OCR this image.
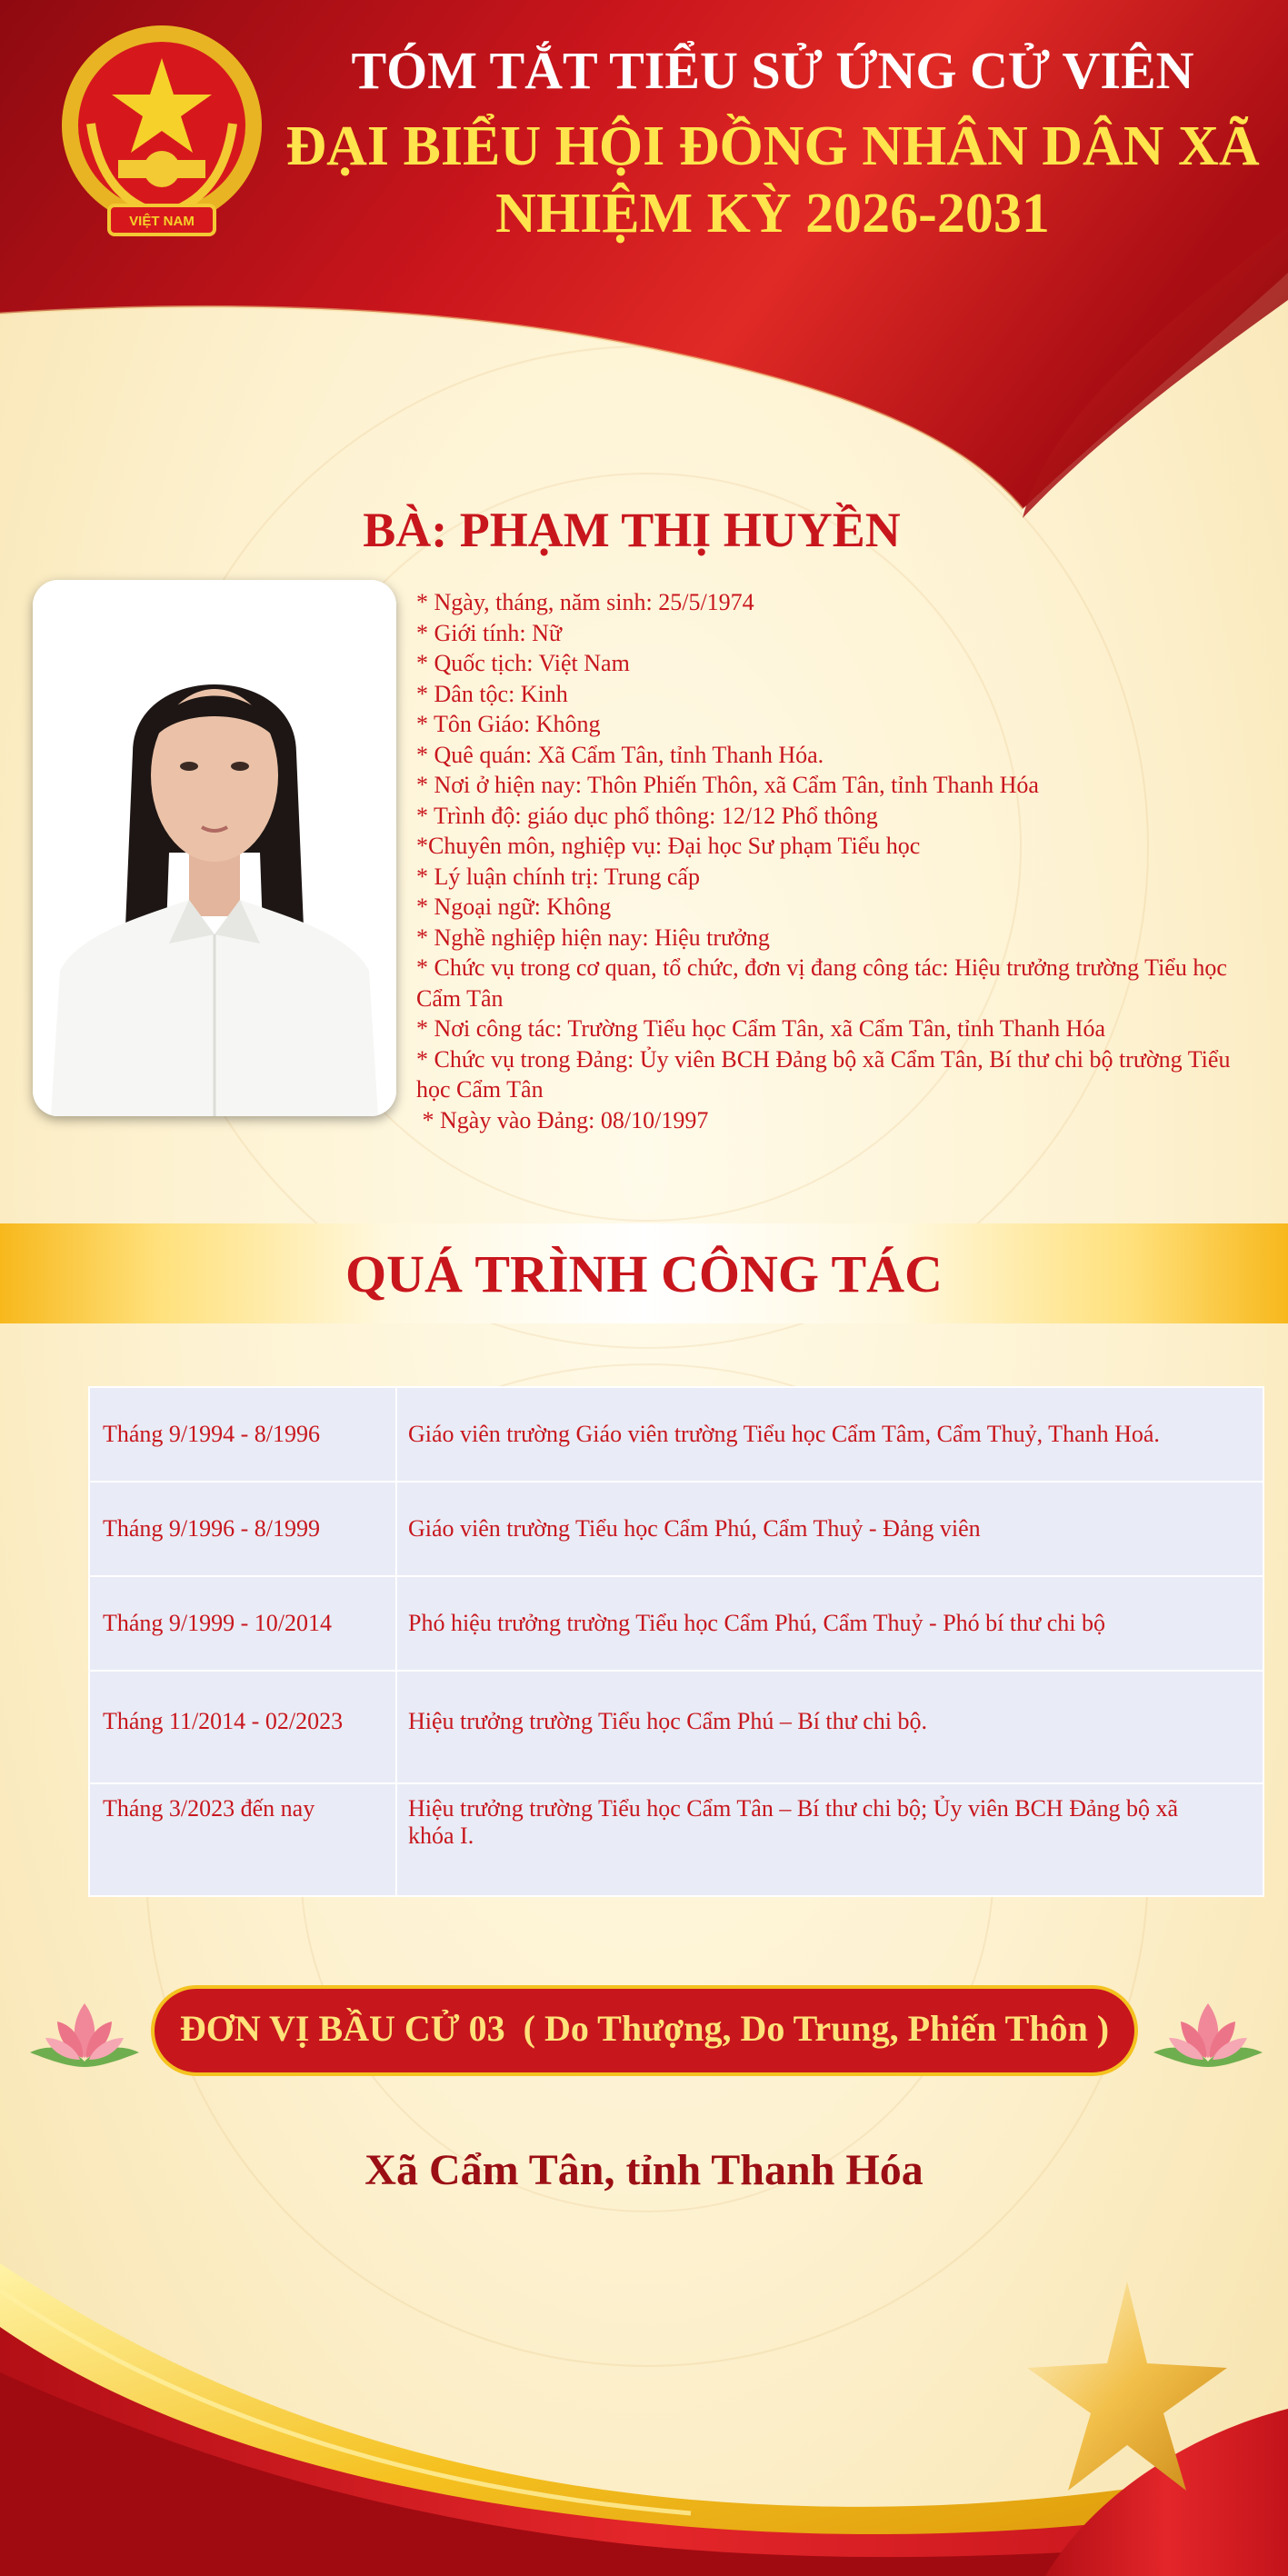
VIỆT NAM
TÓM TẮT TIỂU SỬ ỨNG CỬ VIÊN
ĐẠI BIỂU HỘI ĐỒNG NHÂN DÂN XÃ
NHIỆM KỲ 2026-2031
BÀ: PHẠM THỊ HUYỀN

* Ngày, tháng, năm sinh: 25/5/1974

* Giới tính: Nữ

* Quốc tịch: Việt Nam

* Dân tộc: Kinh

* Tôn Giáo: Không

* Quê quán: Xã Cẩm Tân, tỉnh Thanh Hóa.

* Nơi ở hiện nay: Thôn Phiến Thôn, xã Cẩm Tân, tỉnh Thanh Hóa

* Trình độ: giáo dục phổ thông: 12/12 Phổ thông

*Chuyên môn, nghiệp vụ: Đại học Sư phạm Tiểu học

* Lý luận chính trị: Trung cấp

* Ngoại ngữ: Không

* Nghề nghiệp hiện nay: Hiệu trưởng

* Chức vụ trong cơ quan, tổ chức, đơn vị đang công tác: Hiệu trưởng trường Tiểu học Cẩm Tân

* Nơi công tác: Trường Tiểu học Cẩm Tân, xã Cẩm Tân, tỉnh Thanh Hóa

* Chức vụ trong Đảng: Ủy viên BCH Đảng bộ xã Cẩm Tân, Bí thư chi bộ trường Tiểu học Cẩm Tân

* Ngày vào Đảng: 08/10/1997

QUÁ TRÌNH CÔNG TÁC
Tháng 9/1994 - 8/1996	Giáo viên trường Giáo viên trường Tiểu học Cẩm Tâm, Cẩm Thuỷ, Thanh Hoá.
Tháng 9/1996 - 8/1999	Giáo viên trường Tiểu học Cẩm Phú, Cẩm Thuỷ - Đảng viên
Tháng 9/1999 - 10/2014	Phó hiệu trưởng trường Tiểu học Cẩm Phú, Cẩm Thuỷ - Phó bí thư chi bộ
Tháng 11/2014 - 02/2023	Hiệu trưởng trường Tiểu học Cẩm Phú – Bí thư chi bộ.
Tháng 3/2023 đến nay	Hiệu trưởng trường Tiểu học Cẩm Tân – Bí thư chi bộ; Ủy viên BCH Đảng bộ xã khóa I.
ĐƠN VỊ BẦU CỬ 03  ( Do Thượng, Do Trung, Phiến Thôn )
Xã Cẩm Tân, tỉnh Thanh Hóa
